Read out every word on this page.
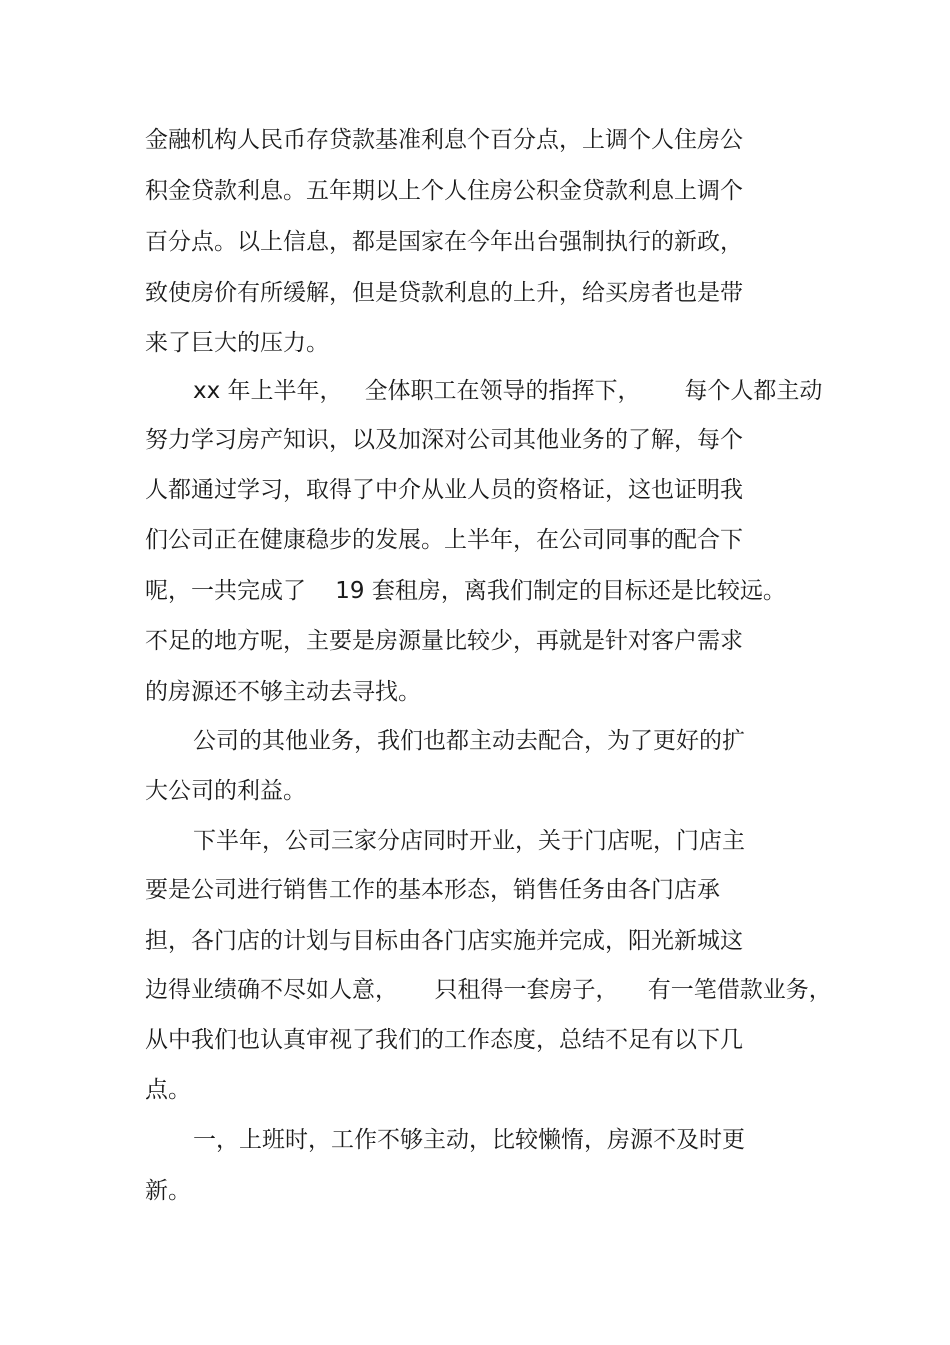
金融机构人民币存贷款基准利息个百分点，上调个人住房公

积金贷款利息。五年期以上个人住房公积金贷款利息上调个

百分点。以上信息，都是国家在今年出台强制执行的新政，

致使房价有所缓解，但是贷款利息的上升，给买房者也是带

来了巨大的压力。

xx 年上半年，   全体职工在领导的指挥下，      每个人都主动

努力学习房产知识，以及加深对公司其他业务的了解，每个

人都通过学习，取得了中介从业人员的资格证，这也证明我

们公司正在健康稳步的发展。上半年，在公司同事的配合下

呢，一共完成了    19 套租房，离我们制定的目标还是比较远。

不足的地方呢，主要是房源量比较少，再就是针对客户需求

的房源还不够主动去寻找。

公司的其他业务，我们也都主动去配合，为了更好的扩

大公司的利益。

下半年，公司三家分店同时开业，关于门店呢，门店主

要是公司进行销售工作的基本形态，销售任务由各门店承

担，各门店的计划与目标由各门店实施并完成，阳光新城这

边得业绩确不尽如人意，     只租得一套房子，    有一笔借款业务，

从中我们也认真审视了我们的工作态度，总结不足有以下几

点。

一，上班时，工作不够主动，比较懒惰，房源不及时更

新。
